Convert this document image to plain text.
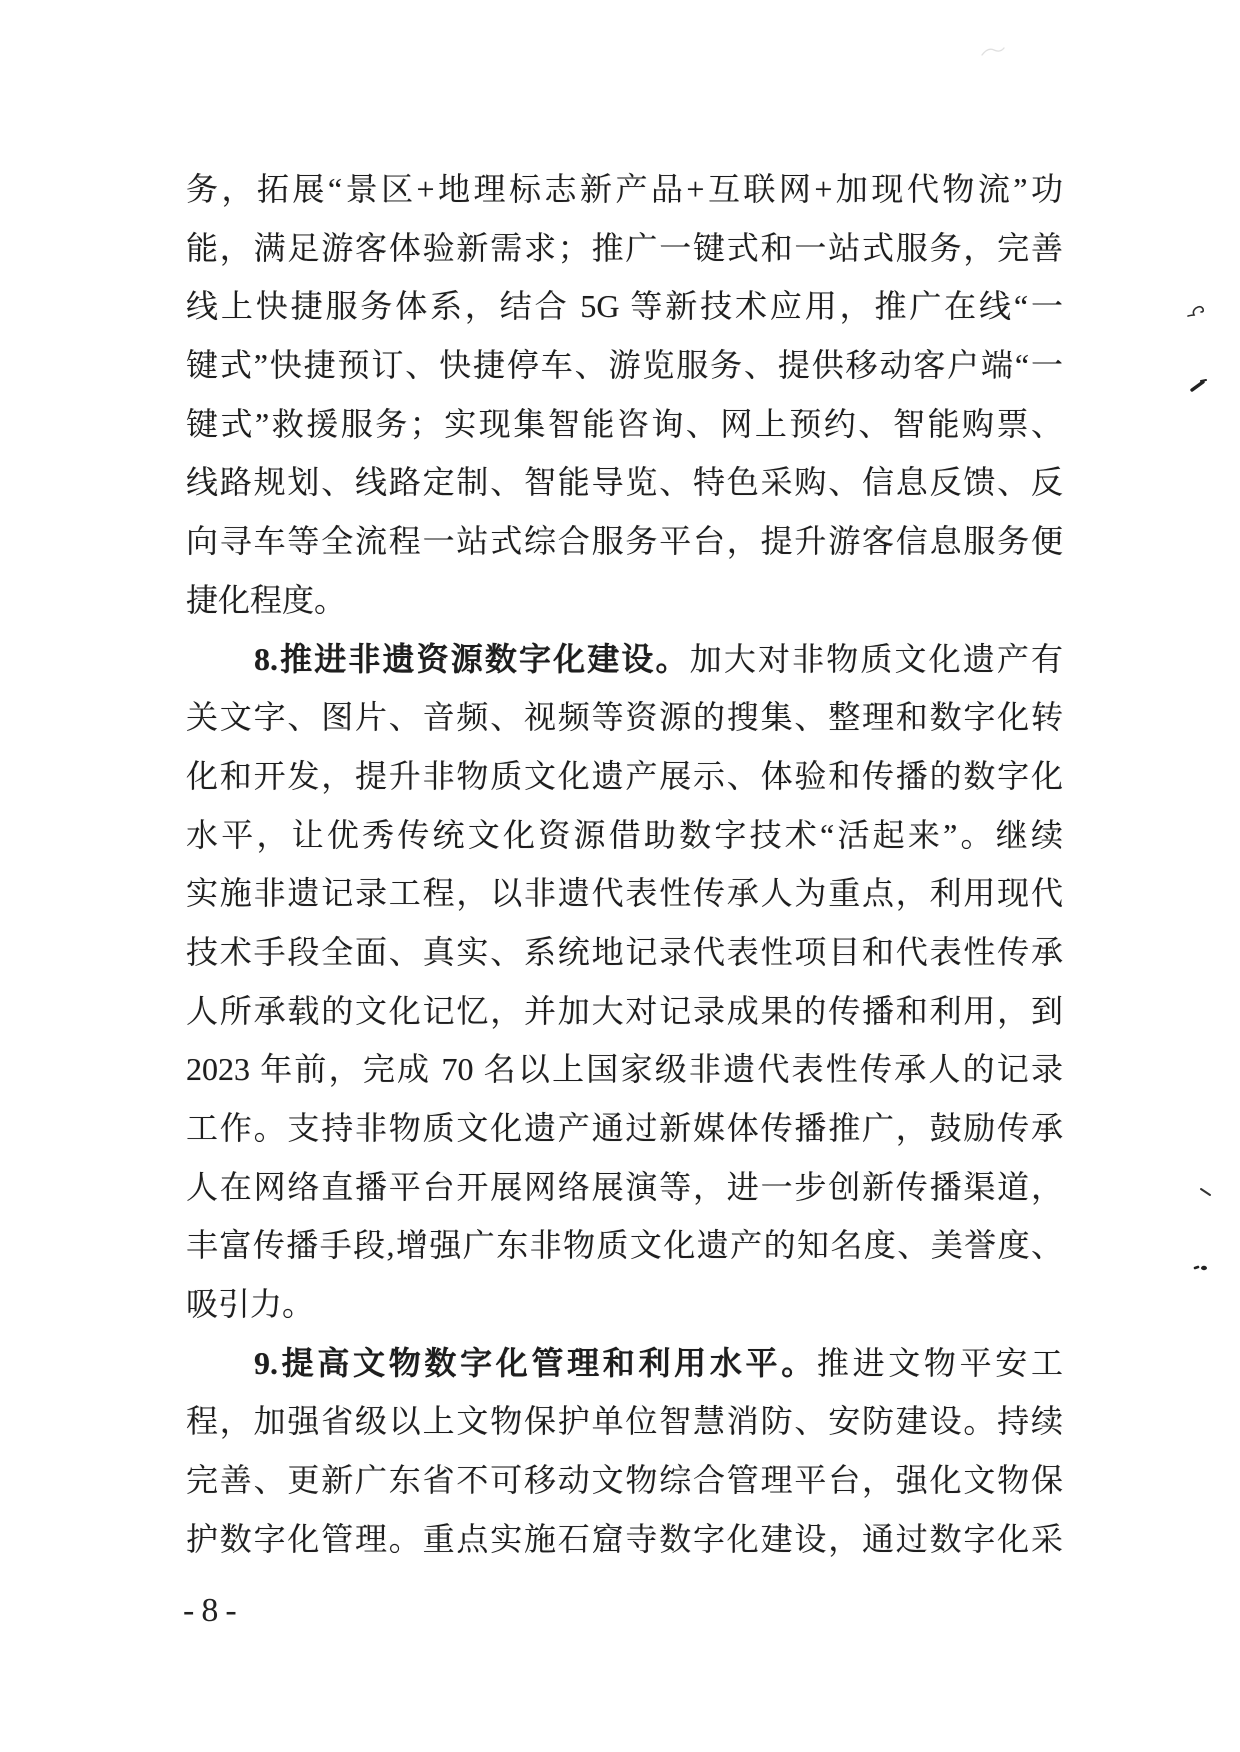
务，拓展“景区+地理标志新产品+互联网+加现代物流”功
能，满足游客体验新需求；推广一键式和一站式服务，完善
线上快捷服务体系，结合 5G 等新技术应用，推广在线“一
键式”快捷预订、快捷停车、游览服务、提供移动客户端“一
键式”救援服务；实现集智能咨询、网上预约、智能购票、
线路规划、线路定制、智能导览、特色采购、信息反馈、反
向寻车等全流程一站式综合服务平台，提升游客信息服务便
捷化程度。
8.推进非遗资源数字化建设。加大对非物质文化遗产有
关文字、图片、音频、视频等资源的搜集、整理和数字化转
化和开发，提升非物质文化遗产展示、体验和传播的数字化
水平，让优秀传统文化资源借助数字技术“活起来”。继续
实施非遗记录工程，以非遗代表性传承人为重点，利用现代
技术手段全面、真实、系统地记录代表性项目和代表性传承
人所承载的文化记忆，并加大对记录成果的传播和利用，到
2023 年前，完成 70 名以上国家级非遗代表性传承人的记录
工作。支持非物质文化遗产通过新媒体传播推广，鼓励传承
人在网络直播平台开展网络展演等，进一步创新传播渠道，
丰富传播手段,增强广东非物质文化遗产的知名度、美誉度、
吸引力。
9.提高文物数字化管理和利用水平。推进文物平安工
程，加强省级以上文物保护单位智慧消防、安防建设。持续
完善、更新广东省不可移动文物综合管理平台，强化文物保
护数字化管理。重点实施石窟寺数字化建设，通过数字化采
-8-
